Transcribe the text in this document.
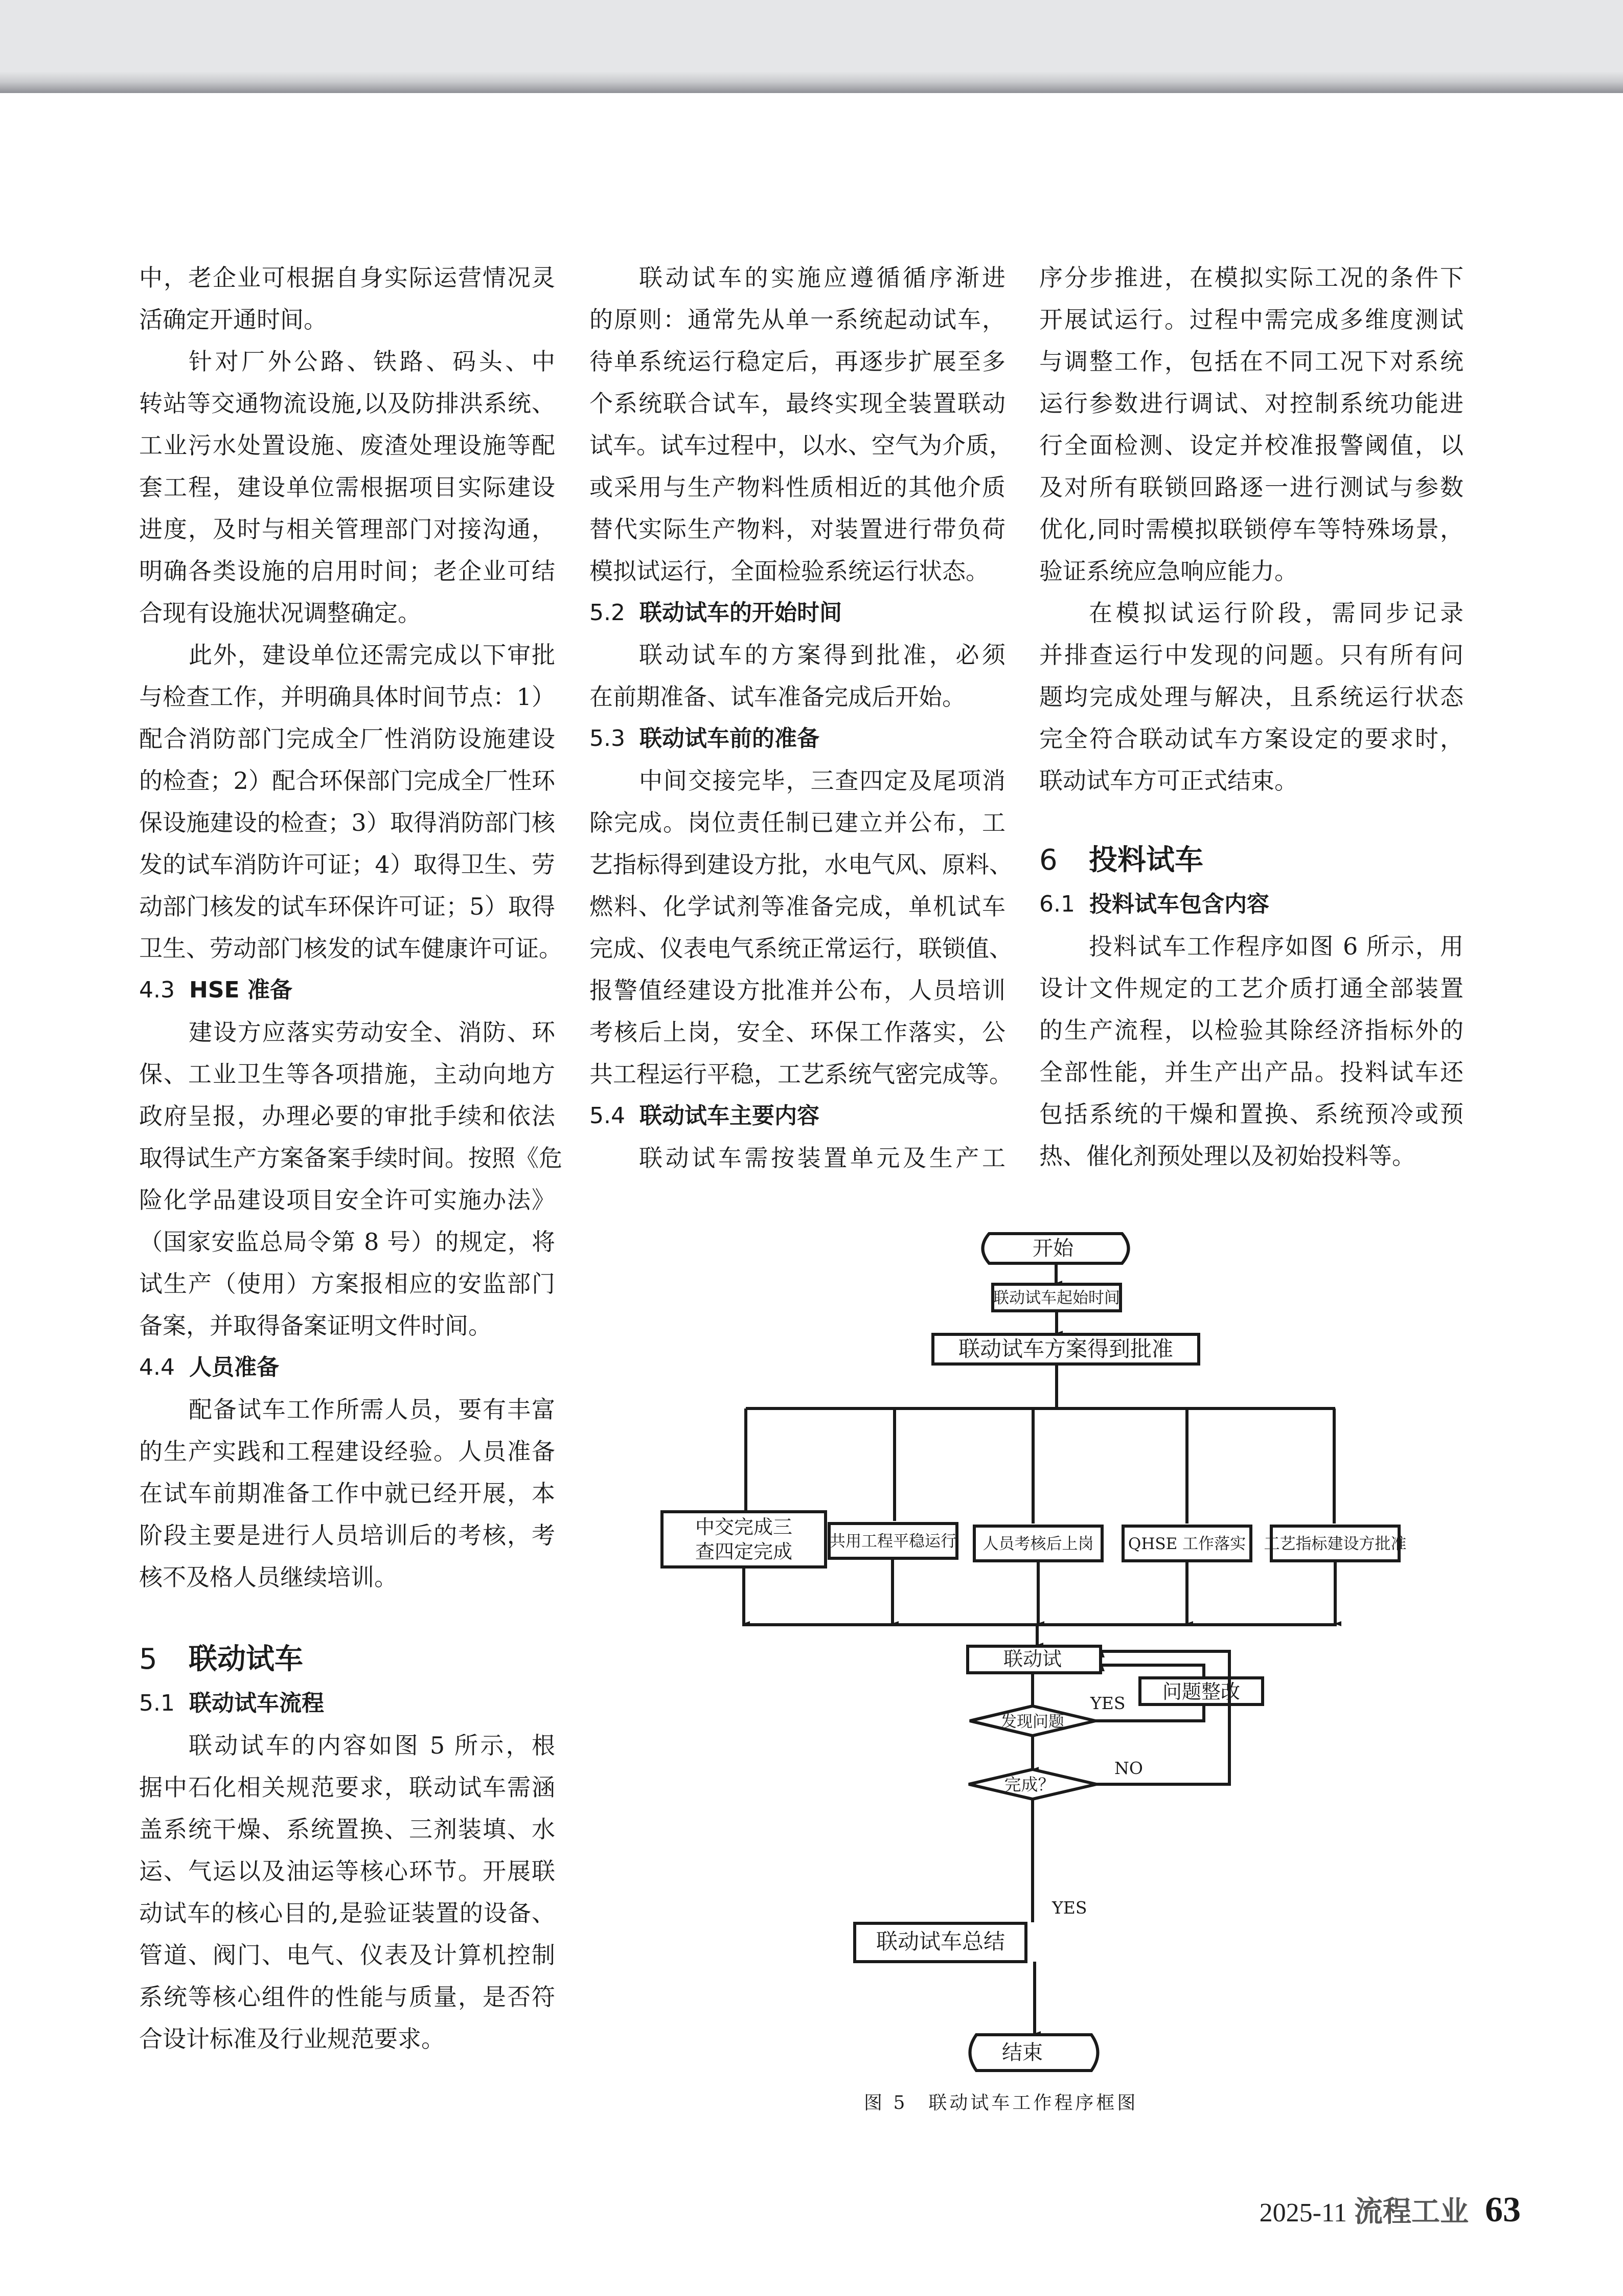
中，老企业可根据自身实际运营情况灵
活确定开通时间。
针对厂外公路、铁路、码头、中
转站等交通物流设施,以及防排洪系统、
工业污水处置设施、废渣处理设施等配
套工程，建设单位需根据项目实际建设
进度，及时与相关管理部门对接沟通，
明确各类设施的启用时间；老企业可结
合现有设施状况调整确定。
此外，建设单位还需完成以下审批
与检查工作，并明确具体时间节点：1）
配合消防部门完成全厂性消防设施建设
的检查；2）配合环保部门完成全厂性环
保设施建设的检查；3）取得消防部门核
发的试车消防许可证；4）取得卫生、劳
动部门核发的试车环保许可证；5）取得
卫生、劳动部门核发的试车健康许可证。
4.3 HSE 准备
建设方应落实劳动安全、消防、环
保、工业卫生等各项措施，主动向地方
政府呈报，办理必要的审批手续和依法
取得试生产方案备案手续时间。按照《危
险化学品建设项目安全许可实施办法》
（国家安监总局令第 8 号）的规定，将
试生产（使用）方案报相应的安监部门
备案，并取得备案证明文件时间。
4.4 人员准备
配备试车工作所需人员，要有丰富
的生产实践和工程建设经验。人员准备
在试车前期准备工作中就已经开展，本
阶段主要是进行人员培训后的考核，考
核不及格人员继续培训。
5 联动试车
5.1 联动试车流程
联动试车的内容如图 5 所示，根
据中石化相关规范要求，联动试车需涵
盖系统干燥、系统置换、三剂装填、水
运、气运以及油运等核心环节。开展联
动试车的核心目的,是验证装置的设备、
管道、阀门、电气、仪表及计算机控制
系统等核心组件的性能与质量，是否符
合设计标准及行业规范要求。
联动试车的实施应遵循循序渐进
的原则：通常先从单一系统起动试车，
待单系统运行稳定后，再逐步扩展至多
个系统联合试车，最终实现全装置联动
试车。试车过程中，以水、空气为介质，
或采用与生产物料性质相近的其他介质
替代实际生产物料，对装置进行带负荷
模拟试运行，全面检验系统运行状态。
5.2 联动试车的开始时间
联动试车的方案得到批准，必须
在前期准备、试车准备完成后开始。
5.3 联动试车前的准备
中间交接完毕，三查四定及尾项消
除完成。岗位责任制已建立并公布，工
艺指标得到建设方批，水电气风、原料、
燃料、化学试剂等准备完成，单机试车
完成、仪表电气系统正常运行，联锁值、
报警值经建设方批准并公布，人员培训
考核后上岗，安全、环保工作落实，公
共工程运行平稳，工艺系统气密完成等。
5.4 联动试车主要内容
联动试车需按装置单元及生产工
序分步推进，在模拟实际工况的条件下
开展试运行。过程中需完成多维度测试
与调整工作，包括在不同工况下对系统
运行参数进行调试、对控制系统功能进
行全面检测、设定并校准报警阈值，以
及对所有联锁回路逐一进行测试与参数
优化,同时需模拟联锁停车等特殊场景，
验证系统应急响应能力。
在模拟试运行阶段，需同步记录
并排查运行中发现的问题。只有所有问
题均完成处理与解决，且系统运行状态
完全符合联动试车方案设定的要求时，
联动试车方可正式结束。
6 投料试车
6.1 投料试车包含内容
投料试车工作程序如图 6 所示，用
设计文件规定的工艺介质打通全部装置
的生产流程，以检验其除经济指标外的
全部性能，并生产出产品。投料试车还
包括系统的干燥和置换、系统预冷或预
热、催化剂预处理以及初始投料等。
开始
联动试车起始时间
联动试车方案得到批准
中交完成三
查四定完成 共用工程平稳运行 人员考核后上岗 QHSE 工作落实 工艺指标建设方批准
联动试
问题整改
发现问题
YES
完成？
NO
YES
联动试车总结
结束
图 5　联动试车工作程序框图
2025-11 流程工业 63
